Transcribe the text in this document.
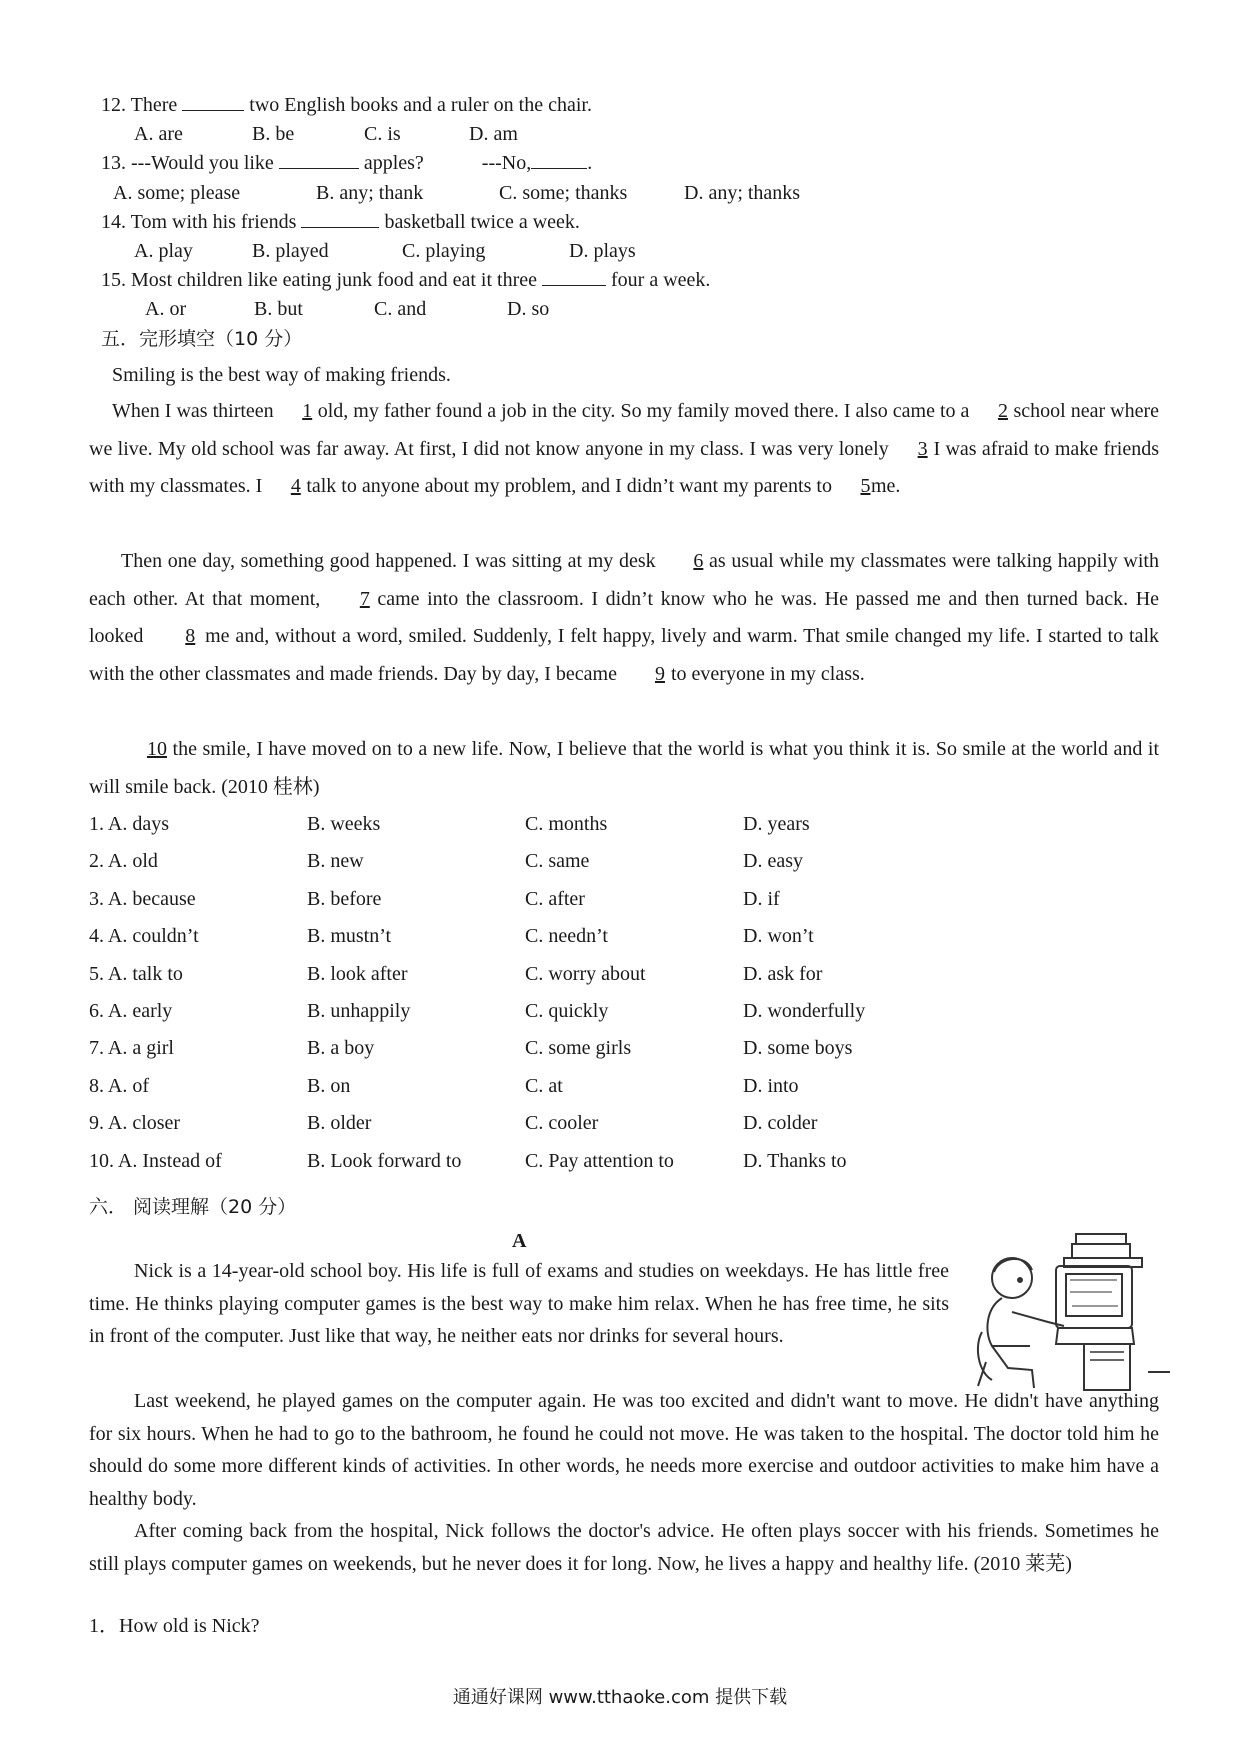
12. There	two English books and a ruler on the chair.
A. are	B. be	C. is	D. am
13. ---Would you like	apples?	---No,	.
A. some; please	B. any; thank	C. some; thanks	D. any; thanks
14. Tom with his friends	basketball twice a week.
A. play	B. played	C. playing	D. plays
15. Most children like eating junk food and eat it three	four a week.
A. or	B. but	C. and	D. so
五．完形填空（10 分）
Smiling is the best way of making friends.
When I was thirteen 1 old, my father found a job in the city. So my family moved there. I also came to a 2 school near where we live. My old school was far away. At first, I did not know anyone in my class. I was very lonely 3 I was afraid to make friends with my classmates. I 4 talk to anyone about my problem, and I didn’t want my parents to 5me.
Then one day, something good happened. I was sitting at my desk 6 as usual while my classmates were talking happily with each other. At that moment, 7 came into the classroom. I didn’t know who he was. He passed me and then turned back. He looked 8 me and, without a word, smiled. Suddenly, I felt happy, lively and warm. That smile changed my life. I started to talk with the other classmates and made friends. Day by day, I became 9 to everyone in my class.
10 the smile, I have moved on to a new life. Now, I believe that the world is what you think it is. So smile at the world and it will smile back. (2010 桂林)
1. A. days	B. weeks	C. months	D. years
2. A. old	B. new	C. same	D. easy
3. A. because	B. before	C. after	D. if
4. A. couldn’t	B. mustn’t	C. needn’t	D. won’t
5. A. talk to	B. look after	C. worry about	D. ask for
6. A. early	B. unhappily	C. quickly	D. wonderfully
7. A. a girl	B. a boy	C. some girls	D. some boys
8. A. of	B. on	C. at	D. into
9. A. closer	B. older	C. cooler	D. colder
10. A. Instead of	B. Look forward to	C. Pay attention to	D. Thanks to
六． 阅读理解（20 分）
A
Nick is a 14-year-old school boy. His life is full of exams and studies on weekdays. He has little free time. He thinks playing computer games is the best way to make him relax. When he has free time, he sits in front of the computer. Just like that way, he neither eats nor drinks for several hours.
Last weekend, he played games on the computer again. He was too excited and didn't want to move. He didn't have anything for six hours. When he had to go to the bathroom, he found he could not move. He was taken to the hospital. The doctor told him he should do some more different kinds of activities. In other words, he needs more exercise and outdoor activities to make him have a healthy body.
After coming back from the hospital, Nick follows the doctor's advice. He often plays soccer with his friends. Sometimes he still plays computer games on weekends, but he never does it for long. Now, he lives a happy and healthy life. (2010 莱芜)
1．How old is Nick?
通通好课网 www.tthaoke.com 提供下载
